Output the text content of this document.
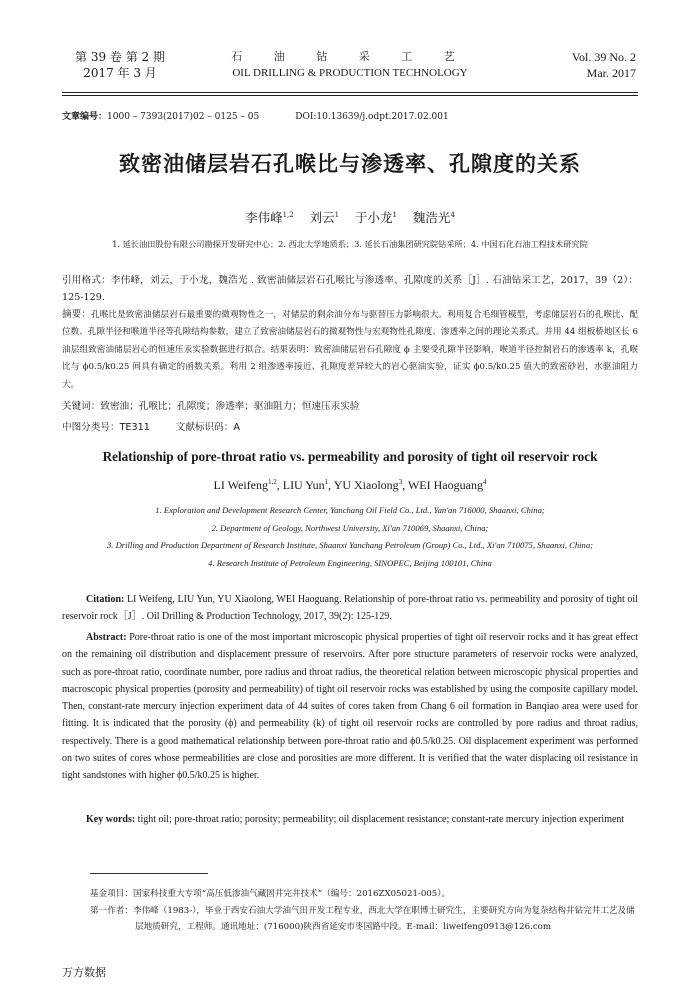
第 39 卷 第 2 期
2017 年 3 月
石 油 钻 采 工 艺
OIL DRILLING & PRODUCTION TECHNOLOGY
Vol. 39 No. 2
Mar. 2017
文章编号：1000 – 7393(2017)02 – 0125 – 05	DOI:10.13639/j.odpt.2017.02.001
致密油储层岩石孔喉比与渗透率、孔隙度的关系
李伟峰$^{1,2}$ 刘云$^1$ 于小龙$^1$ 魏浩光$^4$
1. 延长油田股份有限公司勘探开发研究中心；2. 西北大学地质系；3. 延长石油集团研究院钻采所；4. 中国石化石油工程技术研究院
引用格式：李伟峰，刘云，于小龙，魏浩光 . 致密油储层岩石孔喉比与渗透率、孔隙度的关系［J］. 石油钻采工艺，2017，39（2）：125-129.
摘要：孔喉比是致密油储层岩石最重要的微观物性之一，对储层的剩余油分布与驱替压力影响很大。利用复合毛细管模型，考虑储层岩石的孔喉比、配位数、孔隙半径和喉道半径等孔隙结构参数，建立了致密油储层岩石的微观物性与宏观物性孔隙度、渗透率之间的理论关系式。并用 44 组板桥地区长 6 油层组致密油储层岩心的恒速压汞实验数据进行拟合。结果表明：致密油储层岩石孔隙度 ϕ 主要受孔隙半径影响，喉道半径控制岩石的渗透率 k，孔喉比与 ϕ0.5/k0.25 间具有确定的函数关系。利用 2 组渗透率接近、孔隙度差异较大的岩心驱油实验，证实 ϕ0.5/k0.25 值大的致密砂岩，水驱油阻力大。
关键词：致密油；孔喉比；孔隙度；渗透率；驱油阻力；恒速压汞实验
中图分类号：TE311	文献标识码：A
Relationship of pore-throat ratio vs. permeability and porosity of tight oil reservoir rock
LI Weifeng$^{1,2}$, LIU Yun$^1$, YU Xiaolong$^3$, WEI Haoguang$^4$
1. Exploration and Development Research Center, Yanchang Oil Field Co., Ltd., Yan'an 716000, Shaanxi, China;
2. Department of Geology, Northwest University, Xi'an 710069, Shaanxi, China;
3. Drilling and Production Department of Research Institute, Shaanxi Yanchang Petroleum (Group) Co., Ltd., Xi'an 710075, Shaanxi, China;
4. Research Institute of Petroleum Engineering, SINOPEC, Beijing 100101, China
Citation: LI Weifeng, LIU Yun, YU Xiaolong, WEI Haoguang. Relationship of pore-throat ratio vs. permeability and porosity of tight oil reservoir rock［J］. Oil Drilling & Production Technology, 2017, 39(2): 125-129.
Abstract: Pore-throat ratio is one of the most important microscopic physical properties of tight oil reservoir rocks and it has great effect on the remaining oil distribution and displacement pressure of reservoirs. After pore structure parameters of reservoir rocks were analyzed, such as pore-throat ratio, coordinate number, pore radius and throat radius, the theoretical relation between microscopic physical properties and macroscopic physical properties (porosity and permeability) of tight oil reservoir rocks was established by using the composite capillary model. Then, constant-rate mercury injection experiment data of 44 suites of cores taken from Chang 6 oil formation in Banqiao area were used for fitting. It is indicated that the porosity (ϕ) and permeability (k) of tight oil reservoir rocks are controlled by pore radius and throat radius, respectively. There is a good mathematical relationship between pore-throat ratio and ϕ0.5/k0.25. Oil displacement experiment was performed on two suites of cores whose permeabilities are close and porosities are more different. It is verified that the water displacing oil resistance in tight sandstones with higher ϕ0.5/k0.25 is higher.
Key words: tight oil; pore-throat ratio; porosity; permeability; oil displacement resistance; constant-rate mercury injection experiment
基金项目：国家科技重大专项“高压低渗油气藏固井完井技术”（编号：2016ZX05021-005）。
第一作者：李伟峰（1983-），毕业于西安石油大学油气田开发工程专业，西北大学在职博士研究生，主要研究方向为复杂结构井钻完井工艺及储层地质研究，工程师。通讯地址：(716000)陕西省延安市枣园路中段。E-mail：liweifeng0913@126.com
万方数据
